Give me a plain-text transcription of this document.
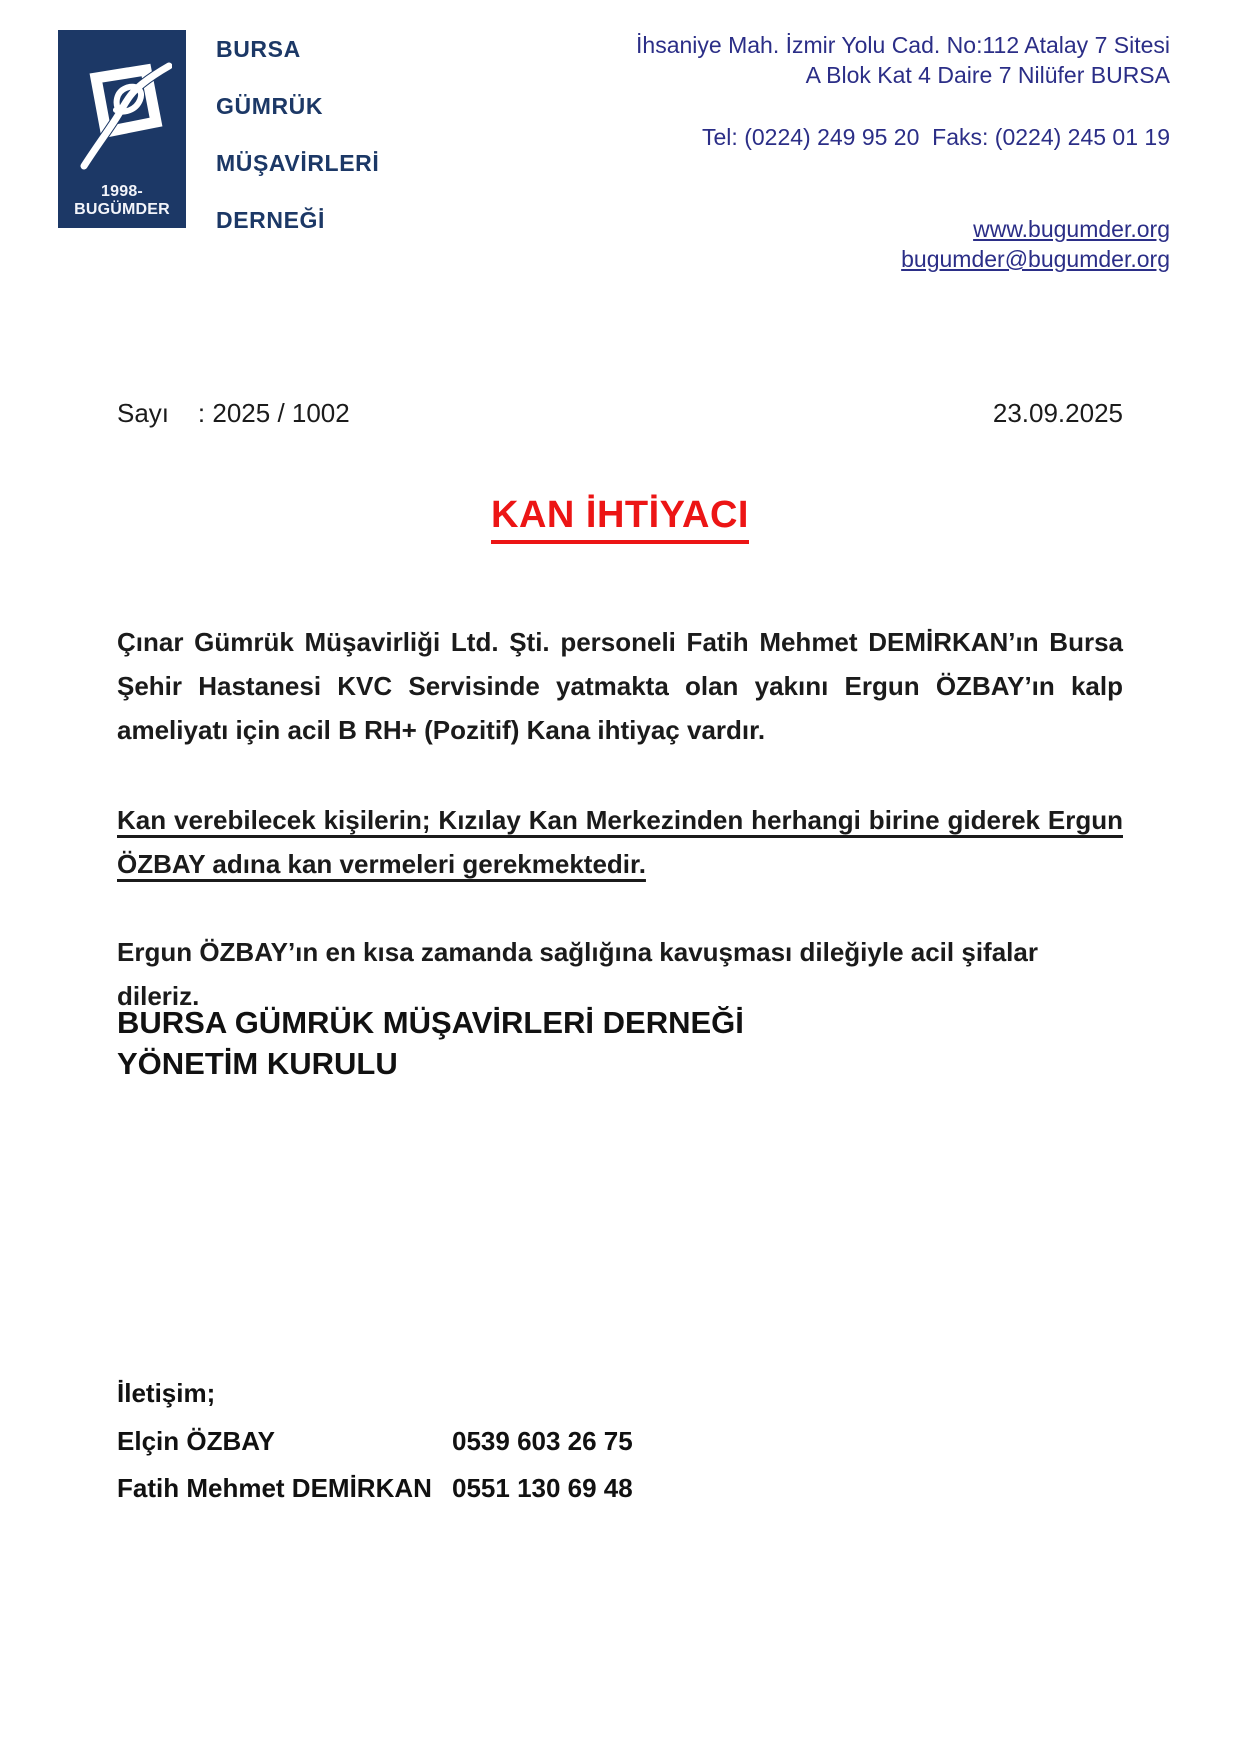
1998-BUGÜMDER
BURSA
GÜMRÜK
MÜŞAVİRLERİ
DERNEĞİ
İhsaniye Mah. İzmir Yolu Cad. No:112 Atalay 7 Sitesi
A Blok Kat 4 Daire 7 Nilüfer BURSA
Tel: (0224) 249 95 20  Faks: (0224) 245 01 19

www.bugumder.org

bugumder@bugumder.org

Sayı    : 2025 / 1002	23.09.2025
KAN İHTİYACI
Çınar Gümrük Müşavirliği Ltd. Şti. personeli Fatih Mehmet DEMİRKAN’ın Bursa
Şehir Hastanesi KVC Servisinde yatmakta olan yakını Ergun ÖZBAY’ın kalp
ameliyatı için acil B RH+ (Pozitif) Kana ihtiyaç vardır.
Kan verebilecek kişilerin; Kızılay Kan Merkezinden herhangi birine giderek Ergun
ÖZBAY adına kan vermeleri gerekmektedir.
Ergun ÖZBAY’ın en kısa zamanda sağlığına kavuşması dileğiyle acil şifalar dileriz.
BURSA GÜMRÜK MÜŞAVİRLERİ DERNEĞİ
YÖNETİM KURULU
İletişim;
Elçin ÖZBAY	0539 603 26 75
Fatih Mehmet DEMİRKAN 0551 130 69 48
